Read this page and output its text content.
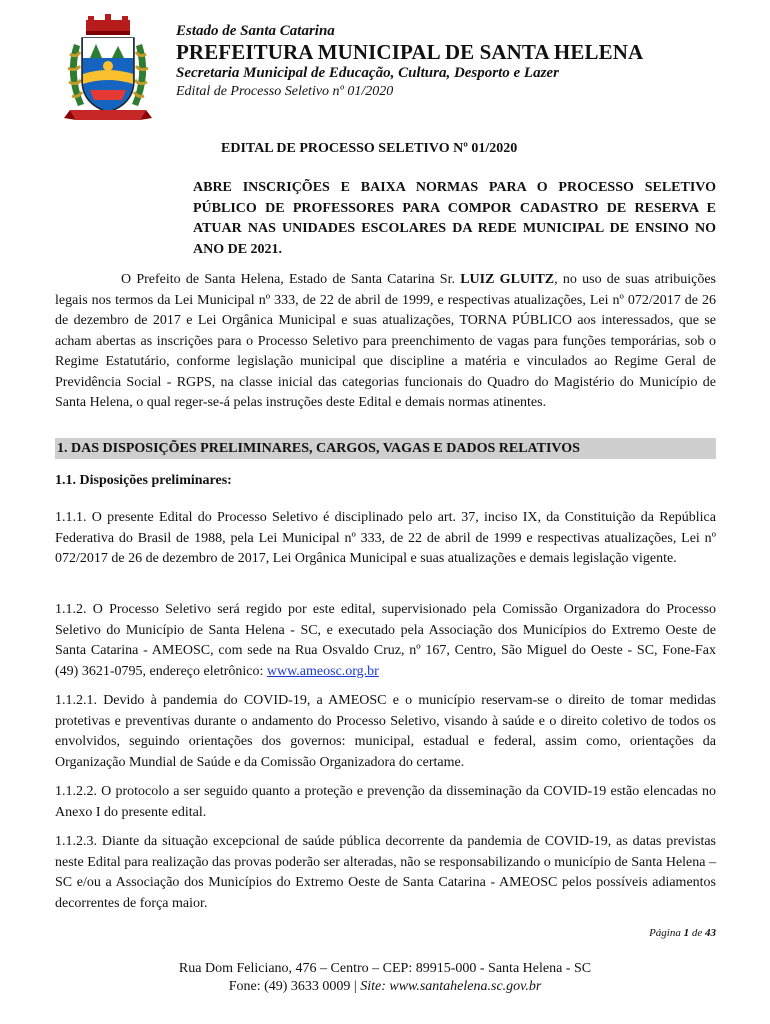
Estado de Santa Catarina
PREFEITURA MUNICIPAL DE SANTA HELENA
Secretaria Municipal de Educação, Cultura, Desporto e Lazer
Edital de Processo Seletivo nº 01/2020
EDITAL DE PROCESSO SELETIVO Nº 01/2020
ABRE INSCRIÇÕES E BAIXA NORMAS PARA O PROCESSO SELETIVO PÚBLICO DE PROFESSORES PARA COMPOR CADASTRO DE RESERVA E ATUAR NAS UNIDADES ESCOLARES DA REDE MUNICIPAL DE ENSINO NO ANO DE 2021.
O Prefeito de Santa Helena, Estado de Santa Catarina Sr. LUIZ GLUITZ, no uso de suas atribuições legais nos termos da Lei Municipal nº 333, de 22 de abril de 1999, e respectivas atualizações, Lei nº 072/2017 de 26 de dezembro de 2017 e Lei Orgânica Municipal e suas atualizações, TORNA PÚBLICO aos interessados, que se acham abertas as inscrições para o Processo Seletivo para preenchimento de vagas para funções temporárias, sob o Regime Estatutário, conforme legislação municipal que discipline a matéria e vinculados ao Regime Geral de Previdência Social - RGPS, na classe inicial das categorias funcionais do Quadro do Magistério do Município de Santa Helena, o qual reger-se-á pelas instruções deste Edital e demais normas atinentes.
1. DAS DISPOSIÇÕES PRELIMINARES, CARGOS, VAGAS E DADOS RELATIVOS
1.1. Disposições preliminares:
1.1.1. O presente Edital do Processo Seletivo é disciplinado pelo art. 37, inciso IX, da Constituição da República Federativa do Brasil de 1988, pela Lei Municipal nº 333, de 22 de abril de 1999 e respectivas atualizações, Lei nº 072/2017 de 26 de dezembro de 2017, Lei Orgânica Municipal e suas atualizações e demais legislação vigente.
1.1.2. O Processo Seletivo será regido por este edital, supervisionado pela Comissão Organizadora do Processo Seletivo do Município de Santa Helena - SC, e executado pela Associação dos Municípios do Extremo Oeste de Santa Catarina - AMEOSC, com sede na Rua Osvaldo Cruz, nº 167, Centro, São Miguel do Oeste - SC, Fone-Fax (49) 3621-0795, endereço eletrônico: www.ameosc.org.br
1.1.2.1. Devido à pandemia do COVID-19, a AMEOSC e o município reservam-se o direito de tomar medidas protetivas e preventivas durante o andamento do Processo Seletivo, visando à saúde e o direito coletivo de todos os envolvidos, seguindo orientações dos governos: municipal, estadual e federal, assim como, orientações da Organização Mundial de Saúde e da Comissão Organizadora do certame.
1.1.2.2. O protocolo a ser seguido quanto a proteção e prevenção da disseminação da COVID-19 estão elencadas no Anexo I do presente edital.
1.1.2.3. Diante da situação excepcional de saúde pública decorrente da pandemia de COVID-19, as datas previstas neste Edital para realização das provas poderão ser alteradas, não se responsabilizando o município de Santa Helena – SC e/ou a Associação dos Municípios do Extremo Oeste de Santa Catarina - AMEOSC pelos possíveis adiamentos decorrentes de força maior.
Página 1 de 43
Rua Dom Feliciano, 476 – Centro – CEP: 89915-000 - Santa Helena - SC
Fone: (49) 3633 0009 | Site: www.santahelena.sc.gov.br
